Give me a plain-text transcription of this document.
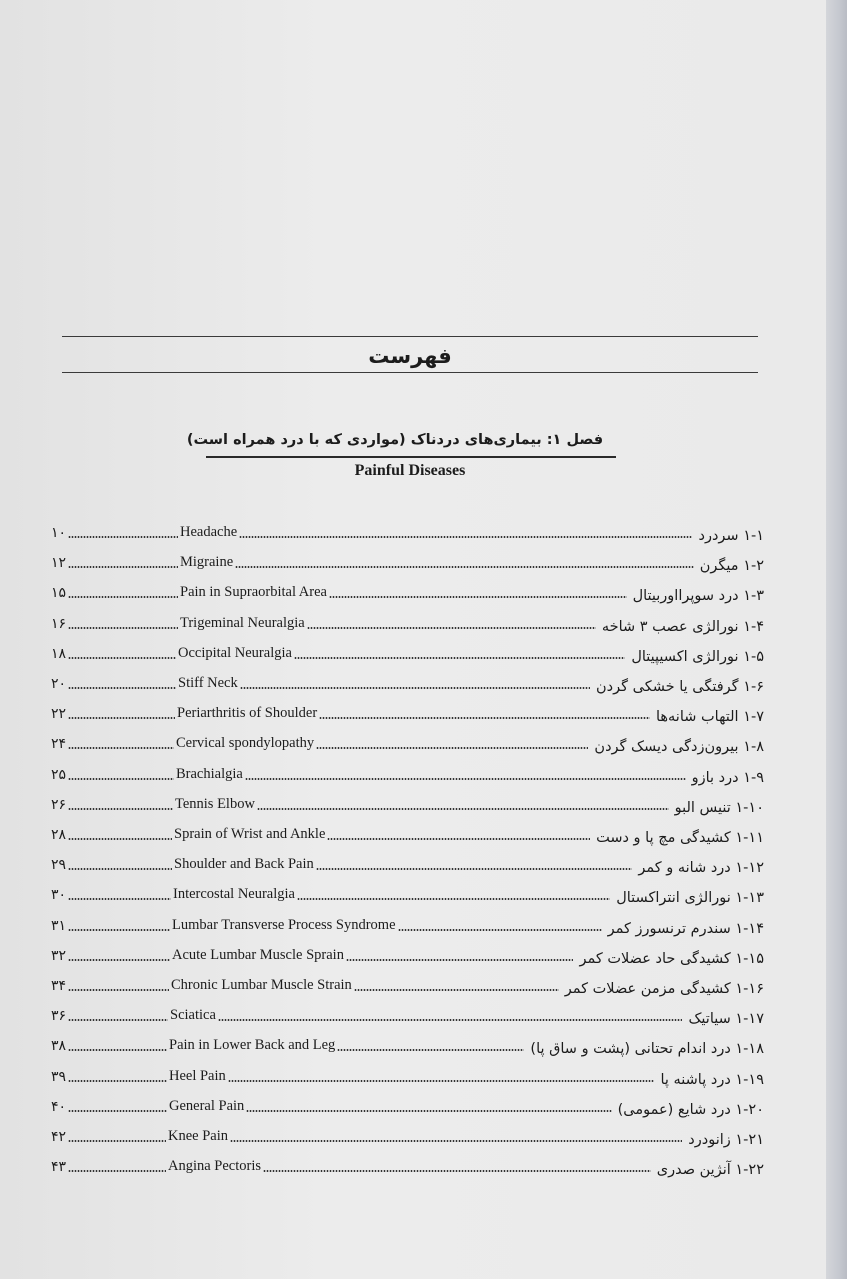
فهرست
فصل ۱: بیماری‌های دردناک (مواردی که با درد همراه است)
Painful Diseases
۱۰	Headache	۱-۱ سردرد
۱۲	Migraine	۱-۲ میگرن
۱۵	Pain in Supraorbital Area	۱-۳ درد سوپرااوربیتال
۱۶	Trigeminal Neuralgia	۱-۴ نورالژی عصب ۳ شاخه
۱۸	Occipital Neuralgia	۱-۵ نورالژی اکسیپیتال
۲۰	Stiff Neck	۱-۶ گرفتگی یا خشکی گردن
۲۲	Periarthritis of Shoulder	۱-۷ التهاب شانه‌ها
۲۴	Cervical spondylopathy	۱-۸ بیرون‌زدگی دیسک گردن
۲۵	Brachialgia	۱-۹ درد بازو
۲۶	Tennis Elbow	۱-۱۰ تنیس البو
۲۸	Sprain of Wrist and Ankle	۱-۱۱ کشیدگی مچ پا و دست
۲۹	Shoulder and Back Pain	۱-۱۲ درد شانه و کمر
۳۰	Intercostal Neuralgia	۱-۱۳ نورالژی انتراکستال
۳۱	Lumbar Transverse Process Syndrome	۱-۱۴ سندرم ترنسورز کمر
۳۲	Acute Lumbar Muscle Sprain	۱-۱۵ کشیدگی حاد عضلات کمر
۳۴	Chronic Lumbar Muscle Strain	۱-۱۶ کشیدگی مزمن عضلات کمر
۳۶	Sciatica	۱-۱۷ سیاتیک
۳۸	Pain in Lower Back and Leg	۱-۱۸ درد اندام تحتانی (پشت و ساق پا)
۳۹	Heel Pain	۱-۱۹ درد پاشنه پا
۴۰	General Pain	۱-۲۰ درد شایع (عمومی)
۴۲	Knee Pain	۱-۲۱ زانودرد
۴۳	Angina Pectoris	۱-۲۲ آنژین صدری
